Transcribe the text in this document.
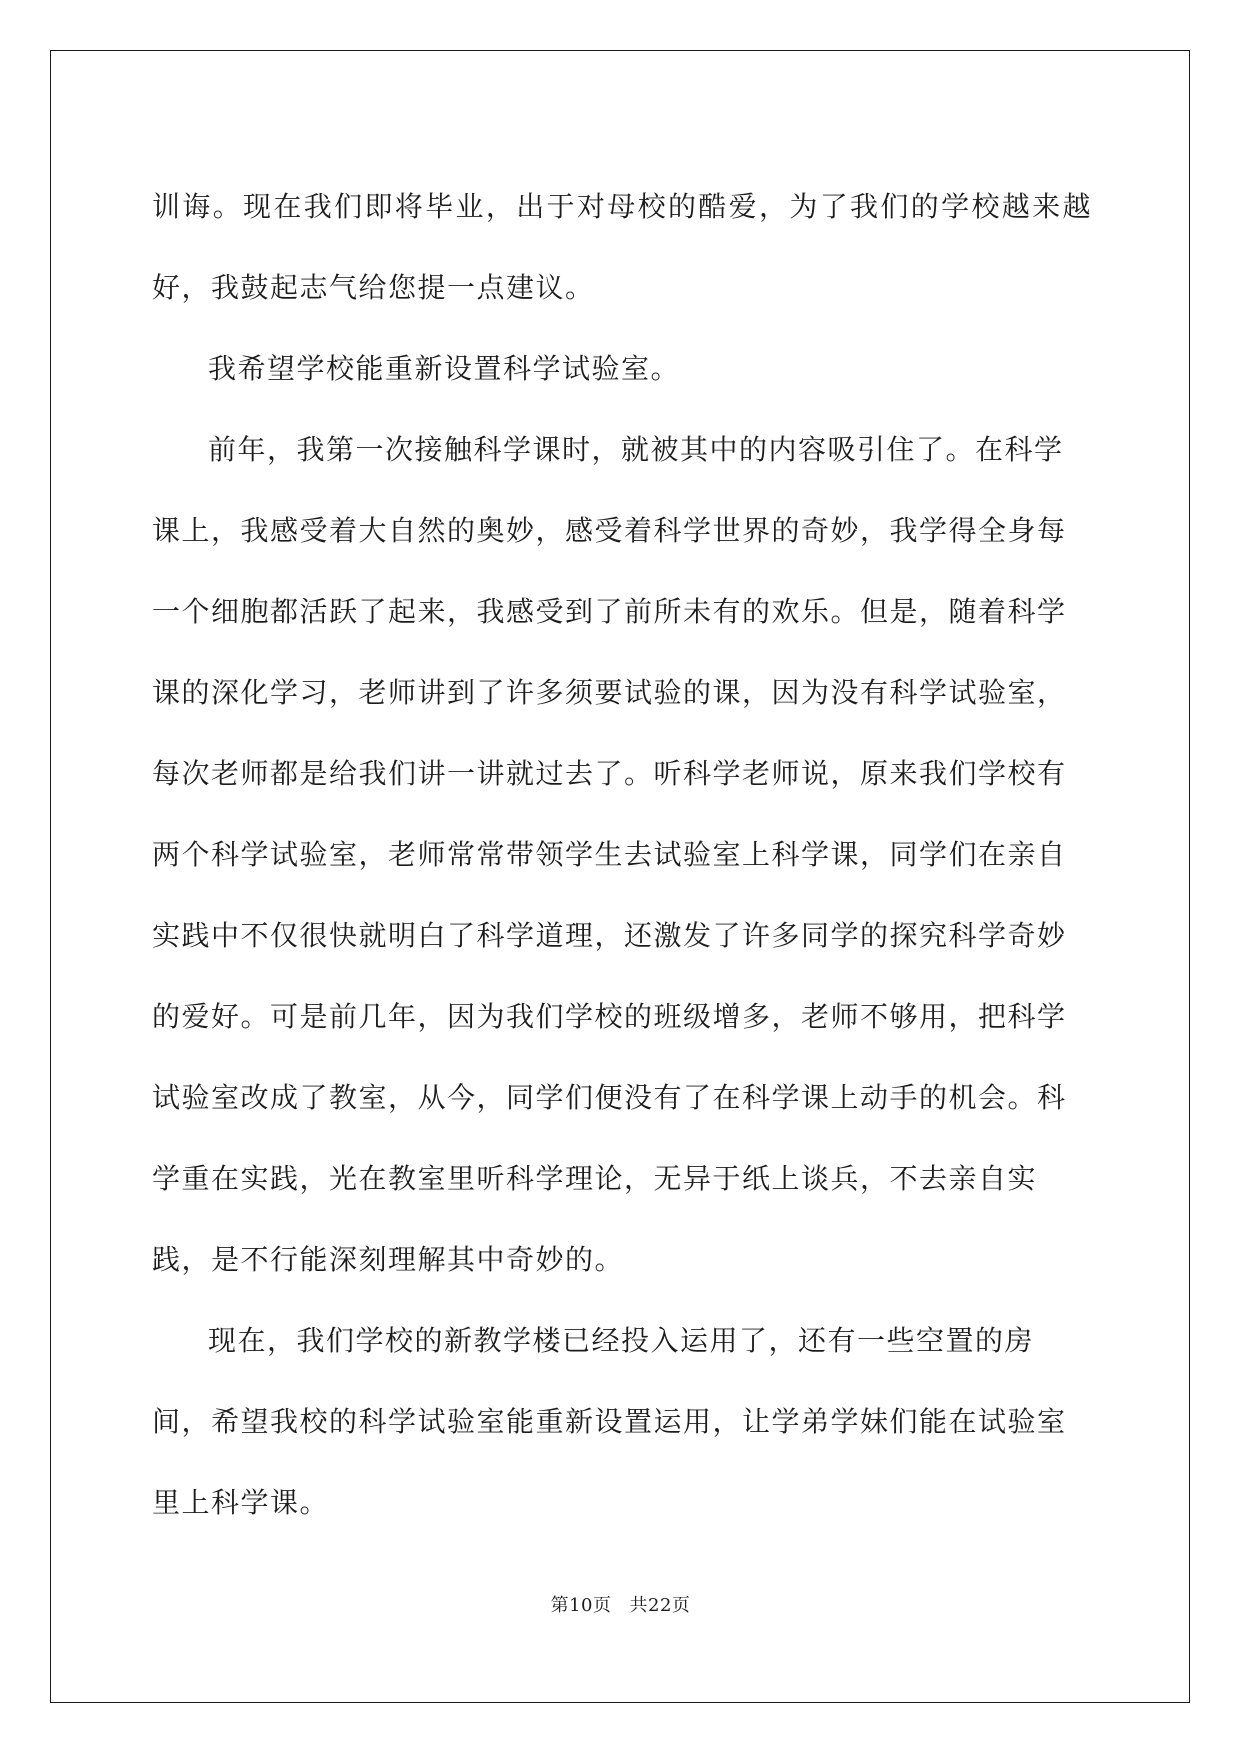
训诲。现在我们即将毕业，出于对母校的酷爱，为了我们的学校越来越好，我鼓起志气给您提一点建议。

我希望学校能重新设置科学试验室。

前年，我第一次接触科学课时，就被其中的内容吸引住了。在科学课上，我感受着大自然的奥妙，感受着科学世界的奇妙，我学得全身每一个细胞都活跃了起来，我感受到了前所未有的欢乐。但是，随着科学课的深化学习，老师讲到了许多须要试验的课，因为没有科学试验室，每次老师都是给我们讲一讲就过去了。听科学老师说，原来我们学校有两个科学试验室，老师常常带领学生去试验室上科学课，同学们在亲自实践中不仅很快就明白了科学道理，还激发了许多同学的探究科学奇妙的爱好。可是前几年，因为我们学校的班级增多，老师不够用，把科学试验室改成了教室，从今，同学们便没有了在科学课上动手的机会。科学重在实践，光在教室里听科学理论，无异于纸上谈兵，不去亲自实践，是不行能深刻理解其中奇妙的。

现在，我们学校的新教学楼已经投入运用了，还有一些空置的房间，希望我校的科学试验室能重新设置运用，让学弟学妹们能在试验室里上科学课。

第10页 共22页
